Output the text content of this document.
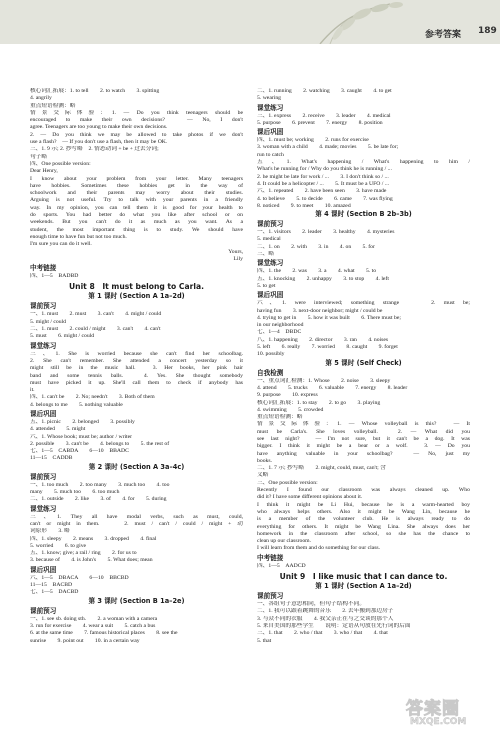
参考答案 189
核心词汇拓展：1. to tell　　2. to watch　　3. spitting
4. angrily
重点短语检测：略
情景交际体验：1. — Do you think teenagers should be
encouraged to make their own decisions?　— No, I don't
agree. Teenagers are too young to make their own decisions.
2. — Do you think we may be allowed to take photos if we don't
use a flash?　— If you don't use a flash, then it may be OK.
三、1. 9 示; 2. 抄写略　2. 情态动词 + be + 过去分词;
句子略
四、One possible version:
Dear Henry,
I know about your problem from your letter. Many teenagers
have hobbies. Sometimes these hobbies get in the way of
schoolwork and their parents may worry about their studies.
Arguing is not useful. Try to talk with your parents in a friendly
way. In my opinion, you can tell them it is good for your health to
do sports. You had better do what you like after school or on
weekends. But you can't do it as much as you want. As a
student, the most important thing is to study. We should have
enough time to have fun but not too much.
I'm sure you can do it well.
Yours,
Lily
中考链接
四、1—5　BADBD
Unit 8　It must belong to Carla.
第 1 课时 (Section A 1a–2d)
课前预习
一、1. must　　2. must　　3. can't　　4. might / could
5. might / could
二、1. must　　2. could / might　　3. can't　　4. can't
5. must　　6. might / could
课堂练习
三、1. She is worried because she can't find her schoolbag.
2. She can't remember. She attended a concert yesterday so it
might still be in the music hall.　3. Her books, her pink hair
band and some tennis balls.　4. Yes. She thought somebody
must have picked it up. She'll call them to check if anybody has
it.
四、1. can't be　　2. No; needn't　　3. Both of them
4. belongs to me　　5. nothing valuable
课后巩固
五、1. picnic　　2. belonged　　3. possibly
4. attended　　5. might
六、1. Whose book; must be; author / writer
2. possible　　3. can't be　　4. belongs to　　5. the rest of
七、1—5　CABDA　　6—10　BBADC
11—15　CADDB
第 2 课时 (Section A 3a–4c)
课前预习
一、1. too much　　2. too many　　3. much too　　4. too
many　　5. much too　　6. too much
二、1. outside　　2. like　　3. of　　4. for　　5. during
课堂练习
三、1. They all have modal verbs, such as must, could,
can't or might in them.　　2. must / can't / could / might + 动
词原形　　3. 略
四、1. sleepy　　2. means　　3. dropped　　4. final
5. worried　　6. to give
五、1. know; give; a rail / ring　　2. for us to
3. because of　　4. is John's　　5. What does; mean
课后巩固
六、1—5　DBACA　　6—10　BBCBD
11—15　BACBD
七、1—5　DACBD
第 3 课时 (Section B 1a–2e)
课前预习
一、1. see sb. doing sth.　　2. a woman with a camera
3. run for exercise　　4. wear a suit　　5. catch a bus
6. at the same time　　7. famous historical places　　8. see the
sunrise　　9. point out　　10. in a certain way
二、1. running　　2. watching　　3. caught　　4. to get
5. wearing
课堂练习
三、1. express　　2. receive　　3. leader　　4. medical
5. purpose　　6. prevent　　7. energy　　8. position
课后巩固
四、1. must be; working　　2. runs for exercise
3. woman with a child　　4. made; movies　　5. be late for;
run to catch
五、1. What's happening / What's happening to him /
What's he running for / Why do you think he is running / ...
2. he might be late for work / ...　　3. I don't think so / ...
4. It could be a helicopter / ...　　5. It must be a UFO / ...
六、1. repeated　　2. have been seen　　3. have made
4. to believe　　5. to decide　　6. came　　7. was flying
8. noticed　　9. to meet　　10. amazed
第 4 课时 (Section B 2b–3b)
课前预习
一、1. visitors　　2. leader　　3. healthy　　4. mysteries
5. medical
二、1. on　　2. with　　3. in　　4. on　　5. for
三、略
课堂练习
四、1. the　　2. was　　3. a　　4. what　　5. to
五、1. knocking　　2. unhappy　　3. to stop　　4. left
5. to get
课后巩固
六、1. were interviewed; something strange　　2. must be;
having fun　　3. next-door neighbor; might / could be
4. trying to get in　　5. how it was built　　6. There must be;
in our neighborhood
七、1—4　DBDC
八、1. happening　　2. director　　3. ran　　4. noises
5. left　　6. really　　7. worried　　8. caught　　9. forget
10. possibly
第 5 课时 (Self Check)
自我检测
一、重点词汇检测：1. Whose　　2. noise　　3. sleepy
4. attend　　5. trucks　　6. valuable　　7. energy　　8. leader
9. purpose　　10. express
核心词汇拓展：1. to stay　　2. to go　　3. playing
4. swimming　　5. crowded
重点短语检测：略
情景交际体验：1. — Whose volleyball is this?　— It
must be Carla's. She loves volleyball.　2. — What did you
see last night?　— I'm not sure, but it can't be a dog. It was
bigger. I think it might be a bear or a wolf.　3. — Do you
have anything valuable in your schoolbag?　— No, just my
books.
二、1. 7 示; 抄写略　　2. might, could, must, can't; 含
义略
三、One possible version:
Recently I found our classroom was always cleaned up. Who
did it? I have some different opinions about it.
I think it might be Li Hui, because he is a warm-hearted boy
who always helps others. Also it might be Wang Lin, because he
is a member of the volunteer club. He is always ready to do
everything for others. It might be Wang Lina. She always does her
homework in the classroom after school, so she has the chance to
clean up our classroom.
I will learn from them and do something for our class.
中考链接
四、1—5　AADCD
Unit 9　I like music that I can dance to.
第 1 课时 (Section A 1a–2d)
课前预习
一、各组句子意思相同，但句子结构不同。
二、1. 我可以跟着跳舞的音乐　　2. 去年搬到那边房子
3. 与众不同的衣服　　4. 我父亲正在与之交谈的那个人
5. 来自美国的那些学生　　说明：定语从句放在先行词的后面
三、1. that　　2. who / that　　3. who / that　　4. that
5. that
答案圈
MXQE.COM
